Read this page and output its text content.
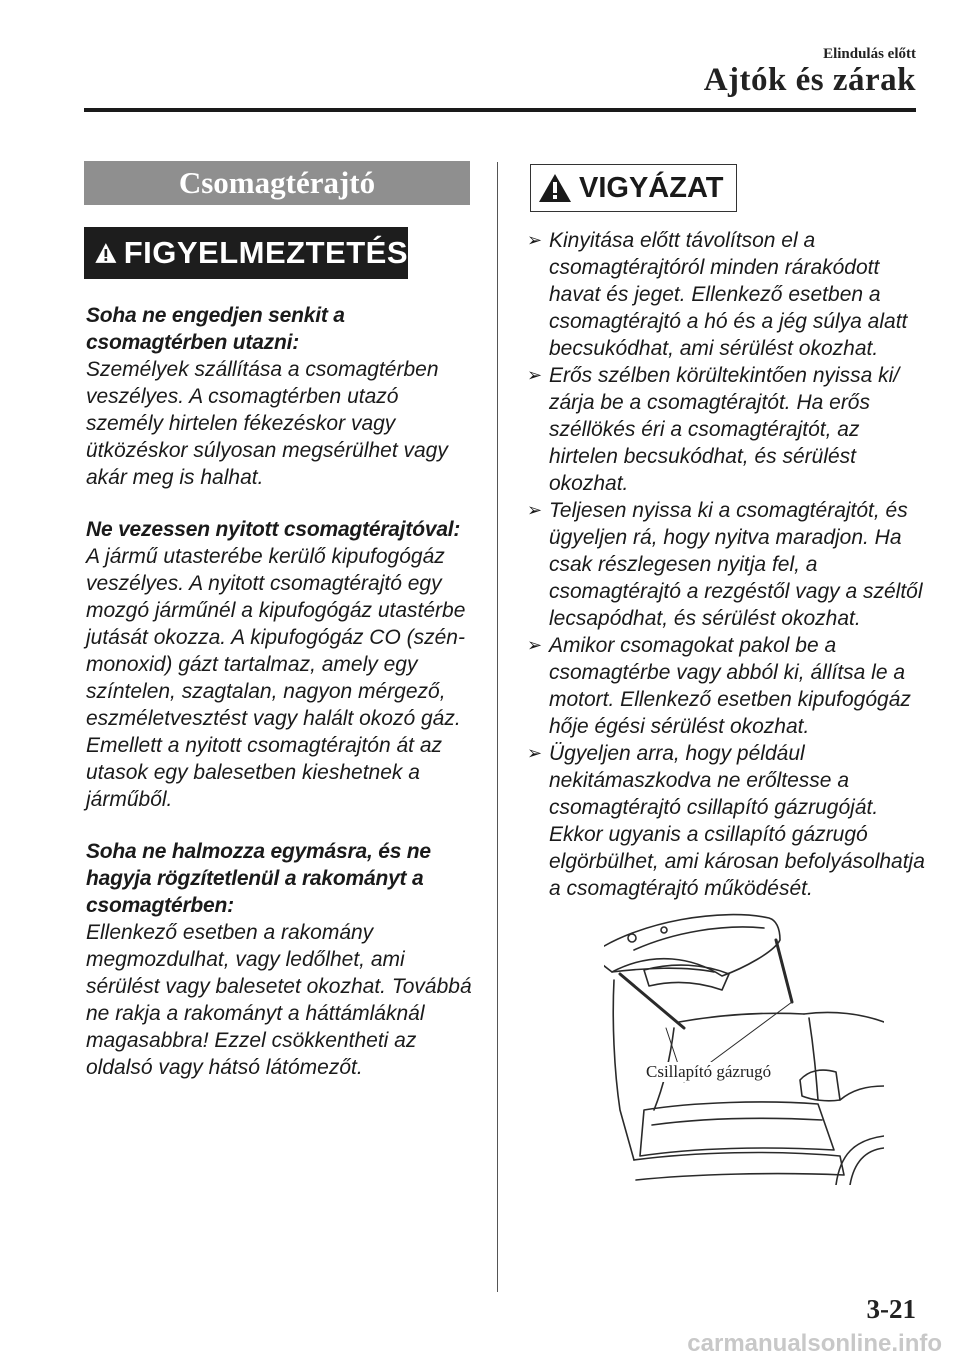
Elindulás előtt
Ajtók és zárak
Csomagtérajtó
FIGYELMEZTETÉS
VIGYÁZAT

Soha ne engedjen senkit a csomagtérben utazni:

Személyek szállítása a csomagtérben veszélyes. A csomagtérben utazó személy hirtelen fékezéskor vagy ütközéskor súlyosan megsérülhet vagy akár meg is halhat.

Ne vezessen nyitott csomagtérajtóval:

A jármű utasterébe kerülő kipufogógáz veszélyes. A nyitott csomagtérajtó egy mozgó járműnél a kipufogógáz utastérbe jutását okozza. A kipufogógáz CO (szén-monoxid) gázt tartalmaz, amely egy színtelen, szagtalan, nagyon mérgező, eszméletvesztést vagy halált okozó gáz. Emellett a nyitott csomagtérajtón át az utasok egy balesetben kieshetnek a járműből.

Soha ne halmozza egymásra, és ne hagyja rögzítetlenül a rakományt a csomagtérben:

Ellenkező esetben a rakomány megmozdulhat, vagy ledőlhet, ami sérülést vagy balesetet okozhat. Továbbá ne rakja a rakományt a háttámláknál magasabbra! Ezzel csökkentheti az oldalsó vagy hátsó látómezőt.

➢ Kinyitása előtt távolítson el a csomagtérajtóról minden rárakódott havat és jeget. Ellenkező esetben a csomagtérajtó a hó és a jég súlya alatt becsukódhat, ami sérülést okozhat.
➢ Erős szélben körültekintően nyissa ki/ zárja be a csomagtérajtót. Ha erős széllökés éri a csomagtérajtót, az hirtelen becsukódhat, és sérülést okozhat.
➢ Teljesen nyissa ki a csomagtérajtót, és ügyeljen rá, hogy nyitva maradjon. Ha csak részlegesen nyitja fel, a csomagtérajtó a rezgéstől vagy a széltől lecsapódhat, és sérülést okozhat.
➢ Amikor csomagokat pakol be a csomagtérbe vagy abból ki, állítsa le a motort. Ellenkező esetben kipufogógáz hője égési sérülést okozhat.
➢ Ügyeljen arra, hogy például nekitámaszkodva ne erőltesse a csomagtérajtó csillapító gázrugóját. Ekkor ugyanis a csillapító gázrugó elgörbülhet, ami károsan befolyásolhatja a csomagtérajtó működését.
Csillapító gázrugó
3-21
carmanualsonline.info
